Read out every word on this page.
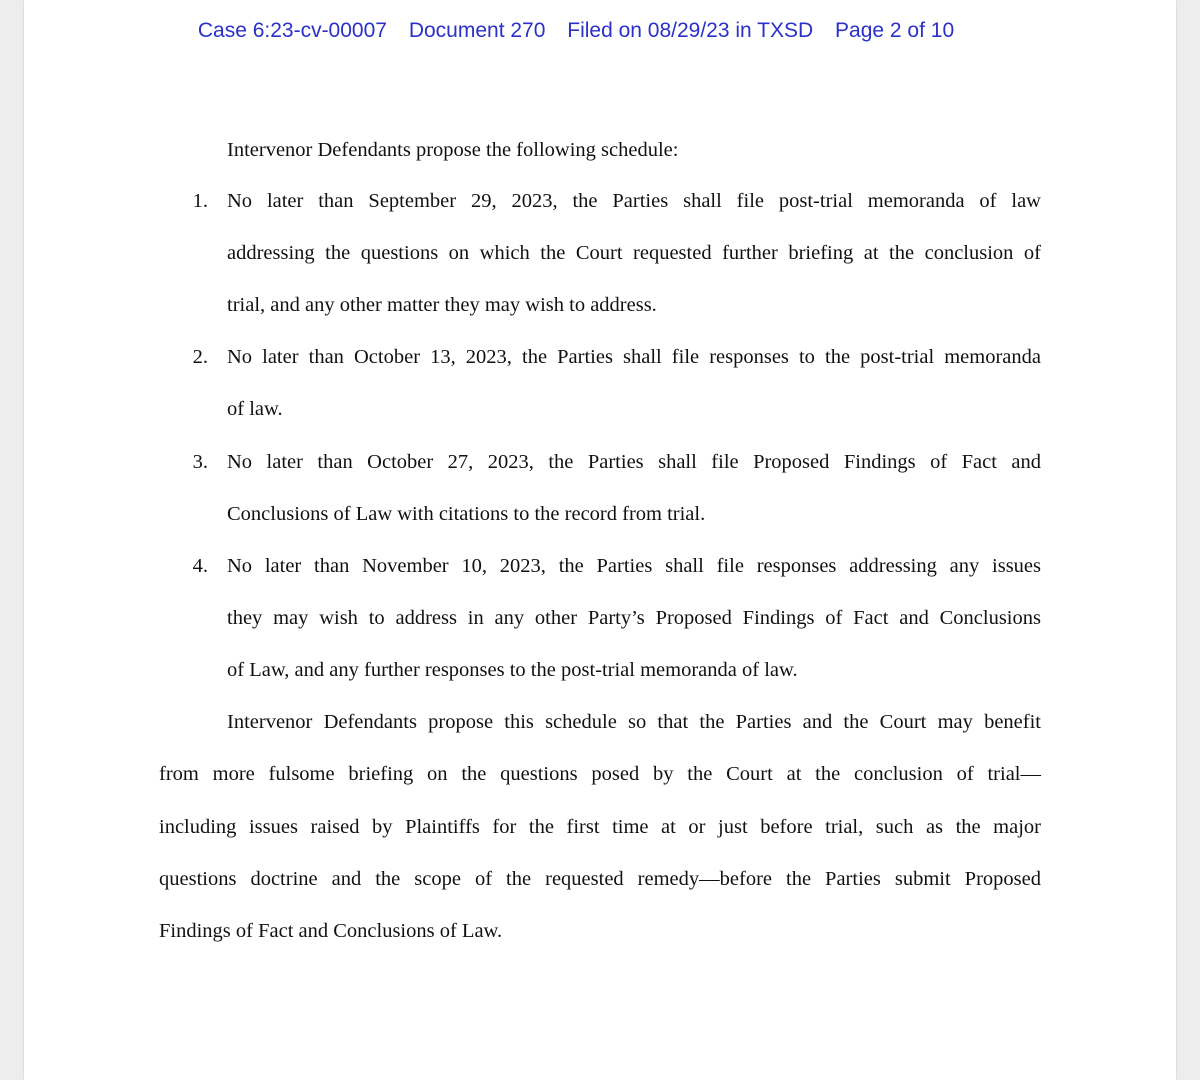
Case 6:23-cv-00007 Document 270 Filed on 08/29/23 in TXSD Page 2 of 10
Intervenor Defendants propose the following schedule:
1. No later than September 29, 2023, the Parties shall file post-trial memoranda of law
addressing the questions on which the Court requested further briefing at the conclusion of
trial, and any other matter they may wish to address.
2. No later than October 13, 2023, the Parties shall file responses to the post-trial memoranda
of law.
3. No later than October 27, 2023, the Parties shall file Proposed Findings of Fact and
Conclusions of Law with citations to the record from trial.
4. No later than November 10, 2023, the Parties shall file responses addressing any issues
they may wish to address in any other Party’s Proposed Findings of Fact and Conclusions
of Law, and any further responses to the post-trial memoranda of law.
Intervenor Defendants propose this schedule so that the Parties and the Court may benefit
from more fulsome briefing on the questions posed by the Court at the conclusion of trial—
including issues raised by Plaintiffs for the first time at or just before trial, such as the major
questions doctrine and the scope of the requested remedy—before the Parties submit Proposed
Findings of Fact and Conclusions of Law.
